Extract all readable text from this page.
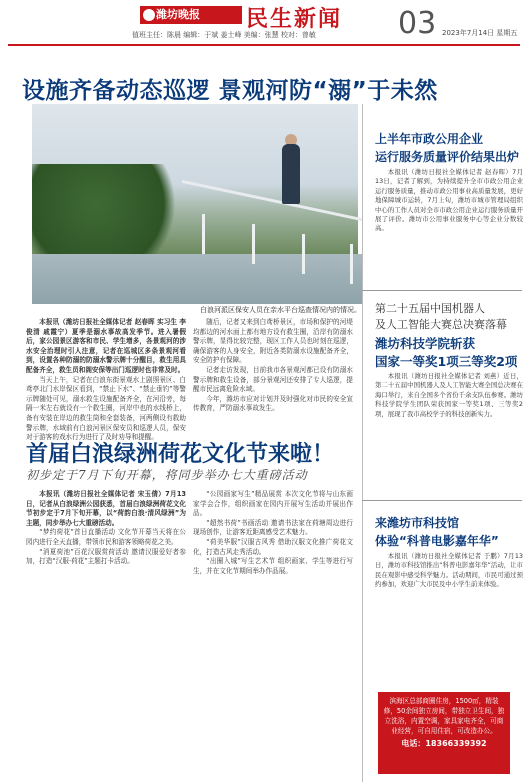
潍坊晚报	民生新闻
值班主任：陈晨 编辑：于斌 姜士峰 美编：张慧 校对：曾敏	03 2023年7月14日 星期五
设施齐备动态巡逻 景观河防“溺”于未然
白浪河派区保安人员在亲水平台巡查情况内的情况。

本报讯（潍坊日报社全媒体记者 赵春晖 实习生 李俊清 戚霞宁）夏季是溺水事故高发季节。进入暑假后，家公园景区游客和市民、学生增多，各景观河的涉水安全治理时引人注意，记者在巡城区多条景观河看到，设置各种防溺的防溺水警示牌十分醒目，救生用具配备齐全，救生员和阁安保等出门巡逻时也非常及时。

当天上午，记者在白浪东街景观水上剧照景区、白鸢亭北门水岸保区看到，“禁止下水”、“禁止垂钓”等警示牌随处可见，溺水救生设施配备齐全，在河沿旁，每隔一米左右就设有一个救生圈，河岸中也的水线桥上，备有安装在岸边的救生筒和全套装备，河两侧设有救助警示牌，水域前有白浪河景区保安员和巡逻人员，保安对于游客的戏水行为进行了及时劝导和提醒。

随后，记者又来到白鸢桥景区，市场和保护的河堤均都边的河水面上都有地方设有救生圈，沿岸有防溺水警示牌，显得比较完整，现区工作人员也时刻在巡逻，确保游客的人身安全，附近各类防溺水设施配备齐全，安全防护有保障。

记者走访发现，目前我市各景观河都已设有防溺水警示牌和救生设备，部分景观河还安排了专人巡逻，提醒市民远离危险水域。

今年，潍坊市应对计划并及时强化对市民的安全宣传教育，严防溺水事故发生。

首届白浪绿洲荷花文化节来啦！
初步定于7月下旬开幕，将同步举办七大重磅活动

本报讯（潍坊日报社全媒体记者 宋玉倩）7月13日，记者从白浪绿洲公园获悉，首届白浪绿洲荷花文化节初步定于7月下旬开幕，以“荷韵白浪·清风绿洲”为主题，同步举办七大重磅活动。

“梦约荷花”首日直播活动 文化节开幕当天将在公园内进行全天直播，带领市民和游客领略荷花之美。

“消夏荷池”百花汉服赏荷活动 邀请汉服爱好者参加，打造“汉服·荷花”主题打卡活动。

“公园画家写生”精品展赏 本次文化节将与山东画家学会合作，组织画家在园内开展写生活动并展出作品。

“超然书荷”书画活动 邀请书法家在荷塘周边进行现场创作，让游客近距离感受艺术魅力。

“荷美华服”汉服古风秀 借助汉服文化推广荷花文化，打造古风走秀活动。

“出圈入城”写生艺术节 组织画家、学生等进行写生，并在文化节期间举办作品展。

上半年市政公用企业
运行服务质量评价结果出炉

本报讯（潍坊日报社全媒体记者 赵春晖）7月13日，记者了解到，为持续提升全市市政公用企业运行服务质量，推动市政公用事业高质量发展，更好地保障城市运转，7月上旬，潍坊市城市管理局组织中心的工作人员对全市市政公用企业运行服务质量开展了评价。潍坊市公用事业服务中心等企业分数较高。

第二十五届中国机器人
及人工智能大赛总决赛落幕
潍坊科技学院斩获
国家一等奖1项三等奖2项

本报讯（潍坊日报社全媒体记者 刘燕）近日，第二十五届中国机器人及人工智能大赛全国总决赛在海口举行，来自全国多个省份千余支队伍参赛。潍坊科技学院学生团队荣获国家一等奖1项、三等奖2项，展现了我市高校学子的科技创新实力。

来潍坊市科技馆
体验“科普电影嘉年华”

本报讯（潍坊日报社全媒体记者 于鹏）7月13日，潍坊市科技馆推出“科普电影嘉年华”活动，让市民在观影中感受科学魅力。活动期间，市民可通过预约参加，欢迎广大市民及中小学生前来体验。

滨海区总部商圈住房，1500㎡，精装修，50余间独立房间，带独立卫生间，独立洗浴，内置空调，家具家电齐全，可商业经营，可自用住宿，可改造办公。
电话：18366339392
